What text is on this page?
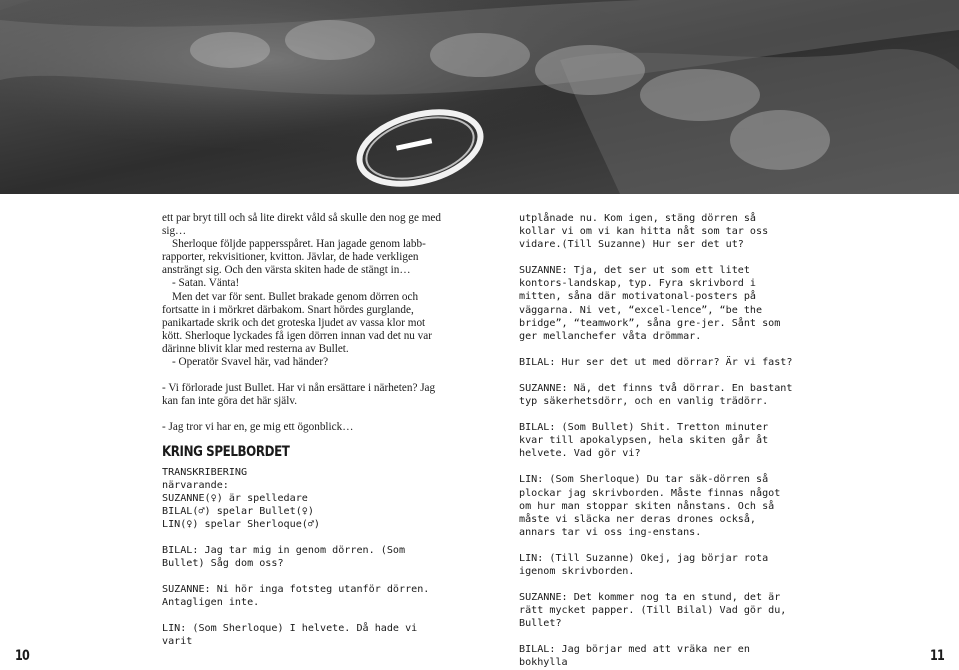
ett par bryt till och så lite direkt våld så skulle den nog ge med sig…

Sherloque följde pappersspåret. Han jagade genom labb-rapporter, rekvisitioner, kvitton. Jävlar, de hade verkligen ansträngt sig. Och den värsta skiten hade de stängt in…

- Satan. Vänta!

Men det var för sent. Bullet brakade genom dörren och fortsatte in i mörkret därbakom. Snart hördes gurglande, panikartade skrik och det groteska ljudet av vassa klor mot kött. Sherloque lyckades få igen dörren innan vad det nu var därinne blivit klar med resterna av Bullet.

- Operatör Svavel här, vad händer?

- Vi förlorade just Bullet. Har vi nån ersättare i närheten? Jag kan fan inte göra det här själv.

- Jag tror vi har en, ge mig ett ögonblick…

KRING SPELBORDET
TRANSKRIBERING
närvarande:
SUZANNE(♀) är spelledare
BILAL(♂) spelar Bullet(♀)
LIN(♀) spelar Sherloque(♂)

BILAL: Jag tar mig in genom dörren. (Som Bullet) Såg dom oss?

SUZANNE: Ni hör inga fotsteg utanför dörren. Antagligen inte.

LIN: (Som Sherloque) I helvete. Då hade vi varit

utplånade nu. Kom igen, stäng dörren så kollar vi om vi kan hitta nåt som tar oss vidare.(Till Suzanne) Hur ser det ut?

SUZANNE: Tja, det ser ut som ett litet kontors-landskap, typ. Fyra skrivbord i mitten, såna där motivatonal-posters på väggarna. Ni vet, “excel-lence”, “be the bridge”, “teamwork”, såna gre-jer. Sånt som ger mellanchefer våta drömmar.

BILAL: Hur ser det ut med dörrar? Är vi fast?

SUZANNE: Nä, det finns två dörrar. En bastant typ säkerhetsdörr, och en vanlig trädörr.

BILAL: (Som Bullet) Shit. Tretton minuter kvar till apokalypsen, hela skiten går åt helvete. Vad gör vi?

LIN: (Som Sherloque) Du tar säk-dörren så plockar jag skrivborden. Måste finnas något om hur man stoppar skiten nånstans. Och så måste vi släcka ner deras drones också, annars tar vi oss ing-enstans.

LIN: (Till Suzanne) Okej, jag börjar rota igenom skrivborden.

SUZANNE: Det kommer nog ta en stund, det är rätt mycket papper. (Till Bilal) Vad gör du, Bullet?

BILAL: Jag börjar med att vräka ner en bokhylla

10	11
